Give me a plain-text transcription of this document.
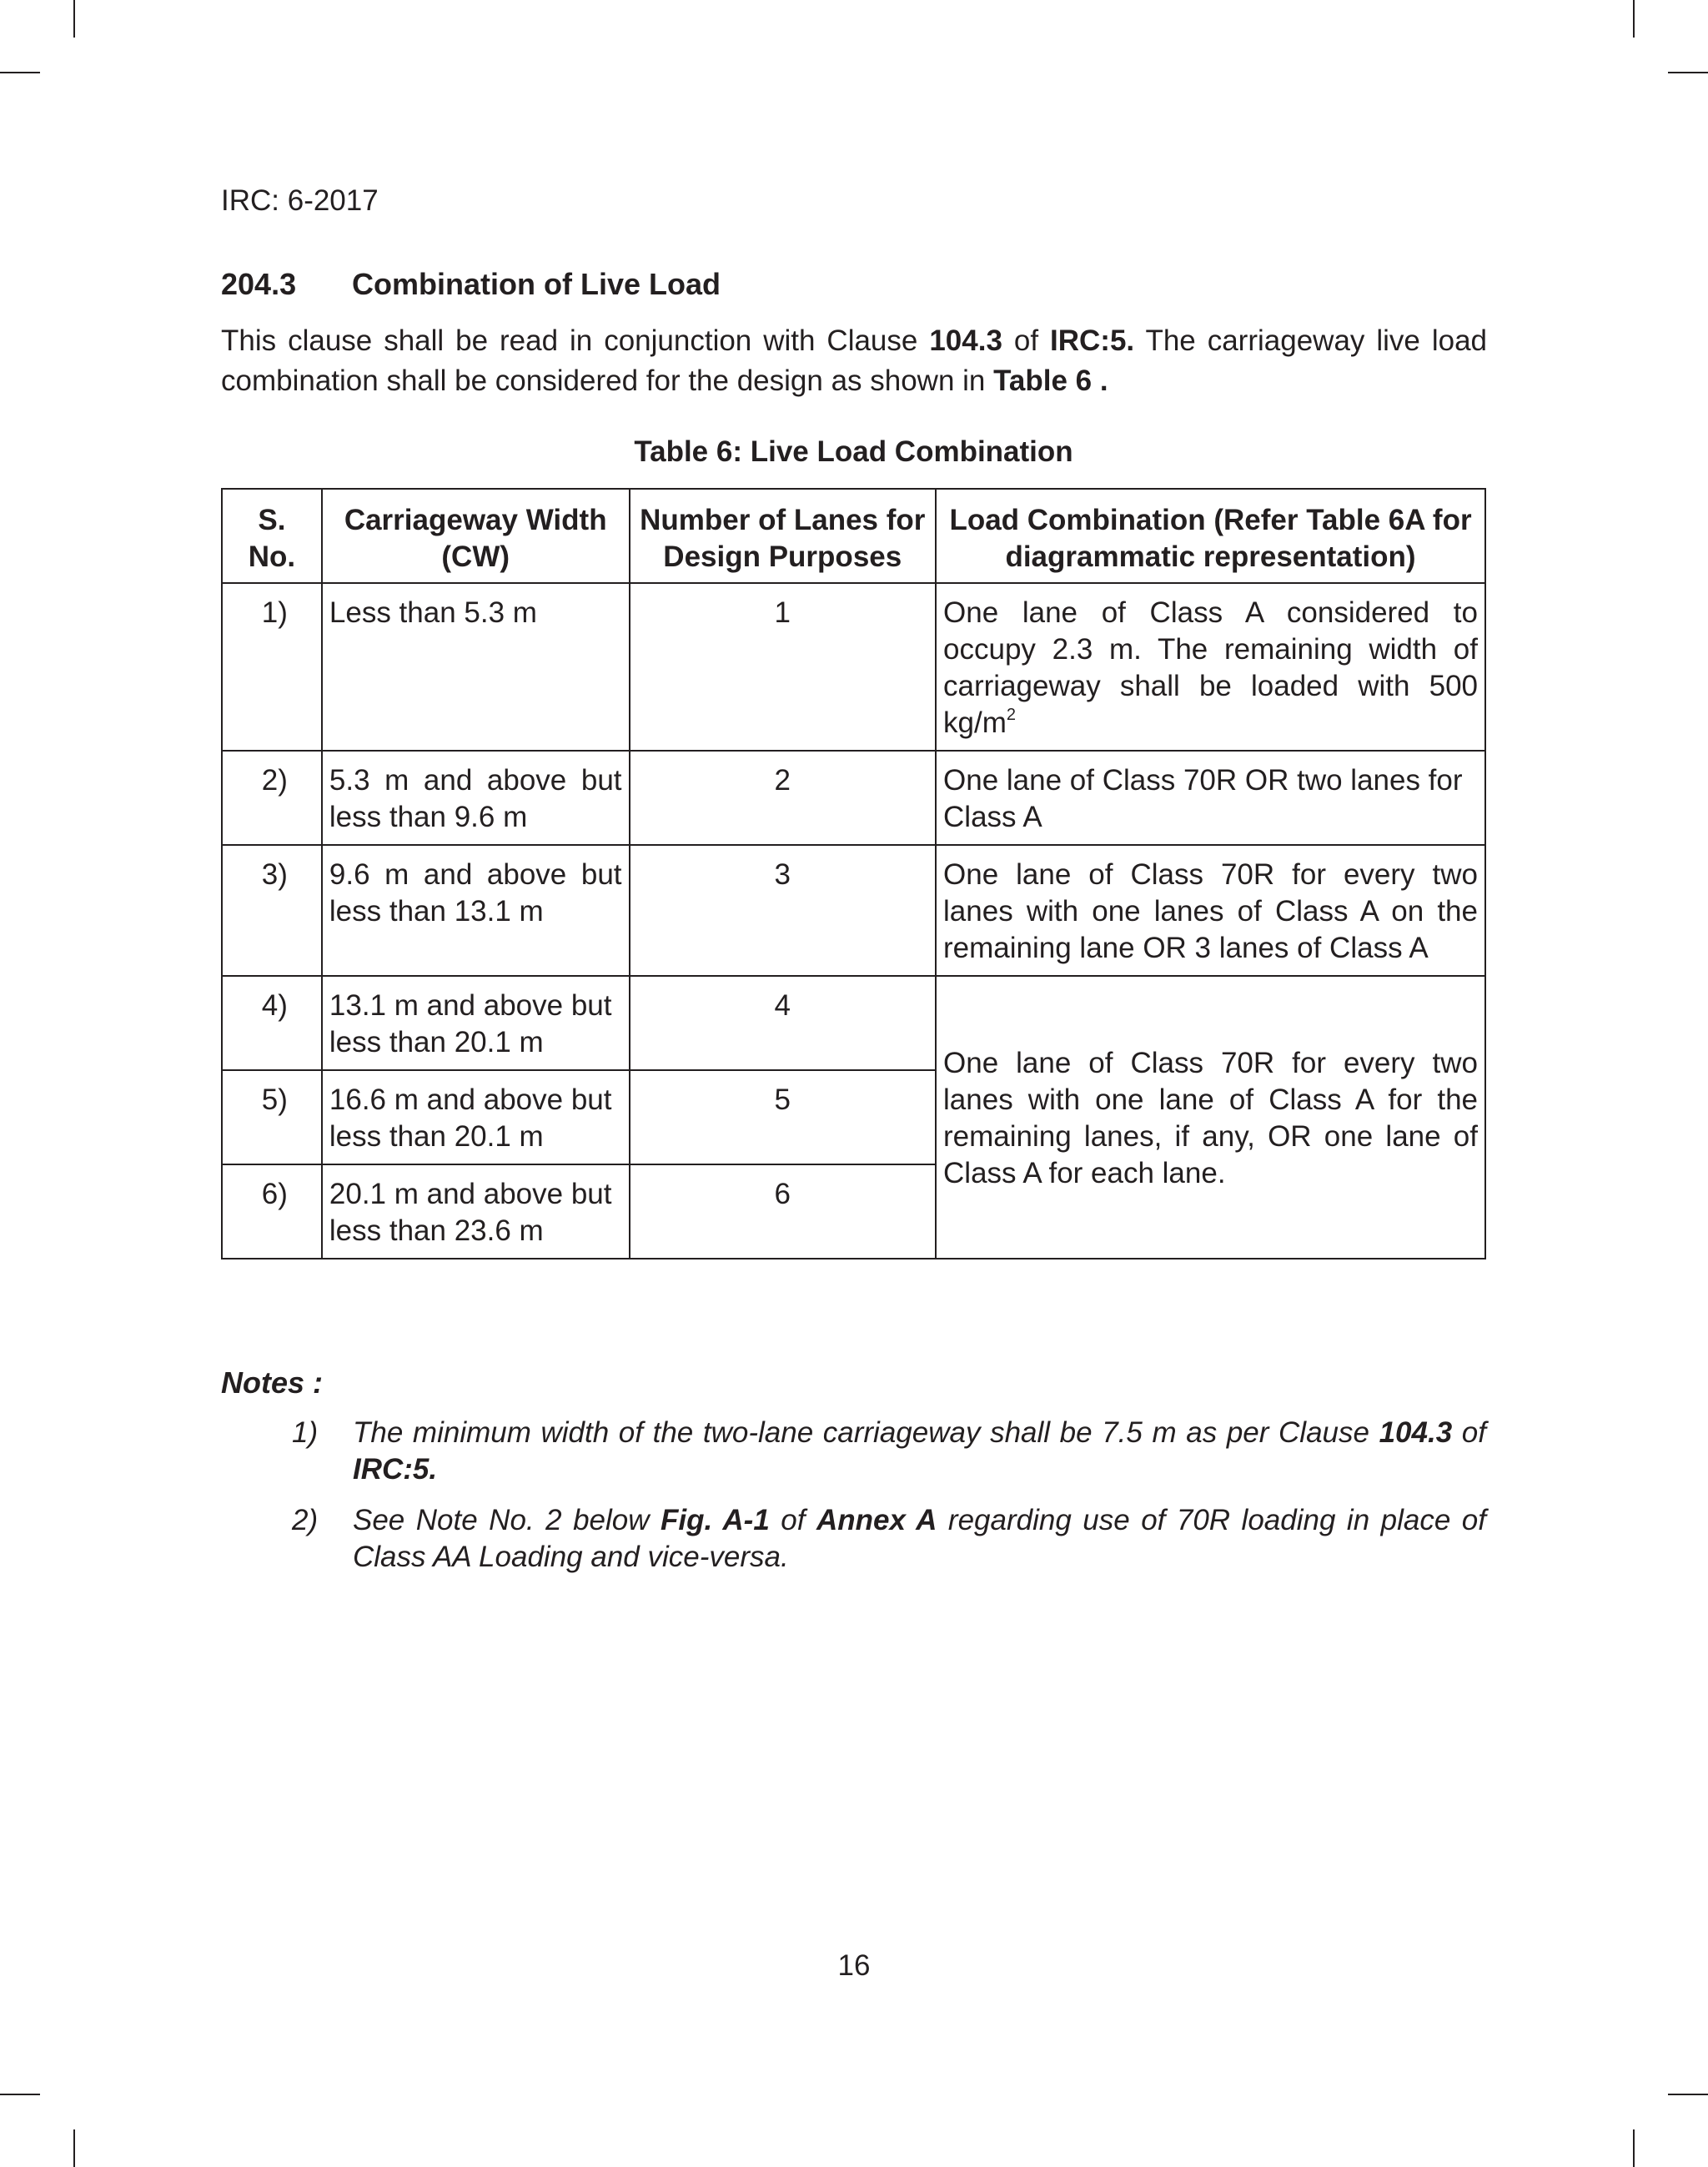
IRC: 6-2017
204.3 Combination of Live Load
This clause shall be read in conjunction with Clause 104.3 of IRC:5. The carriageway live load combination shall be considered for the design as shown in Table 6 .
Table 6: Live Load Combination
S. No.	Carriageway Width (CW)	Number of Lanes for Design Purposes	Load Combination (Refer Table 6A for diagrammatic representation)
1)	Less than 5.3 m	1	One lane of Class A considered to occupy 2.3 m. The remaining width of carriageway shall be loaded with 500 $kg/m^2$
2)	5.3 m and above but less than 9.6 m	2	One lane of Class 70R OR two lanes for Class A
3)	9.6 m and above but less than 13.1 m	3	One lane of Class 70R for every two lanes with one lanes of Class A on the remaining lane OR 3 lanes of Class A
4)	13.1 m and above but less than 20.1 m	4	One lane of Class 70R for every two lanes with one lane of Class A for the remaining lanes, if any, OR one lane of Class A for each lane.
5)	16.6 m and above but less than 20.1 m	5	
6)	20.1 m and above but less than 23.6 m	6	
Notes :
1) The minimum width of the two-lane carriageway shall be 7.5 m as per Clause 104.3 of IRC:5.
2) See Note No. 2 below Fig. A-1 of Annex A regarding use of 70R loading in place of Class AA Loading and vice-versa.
16
